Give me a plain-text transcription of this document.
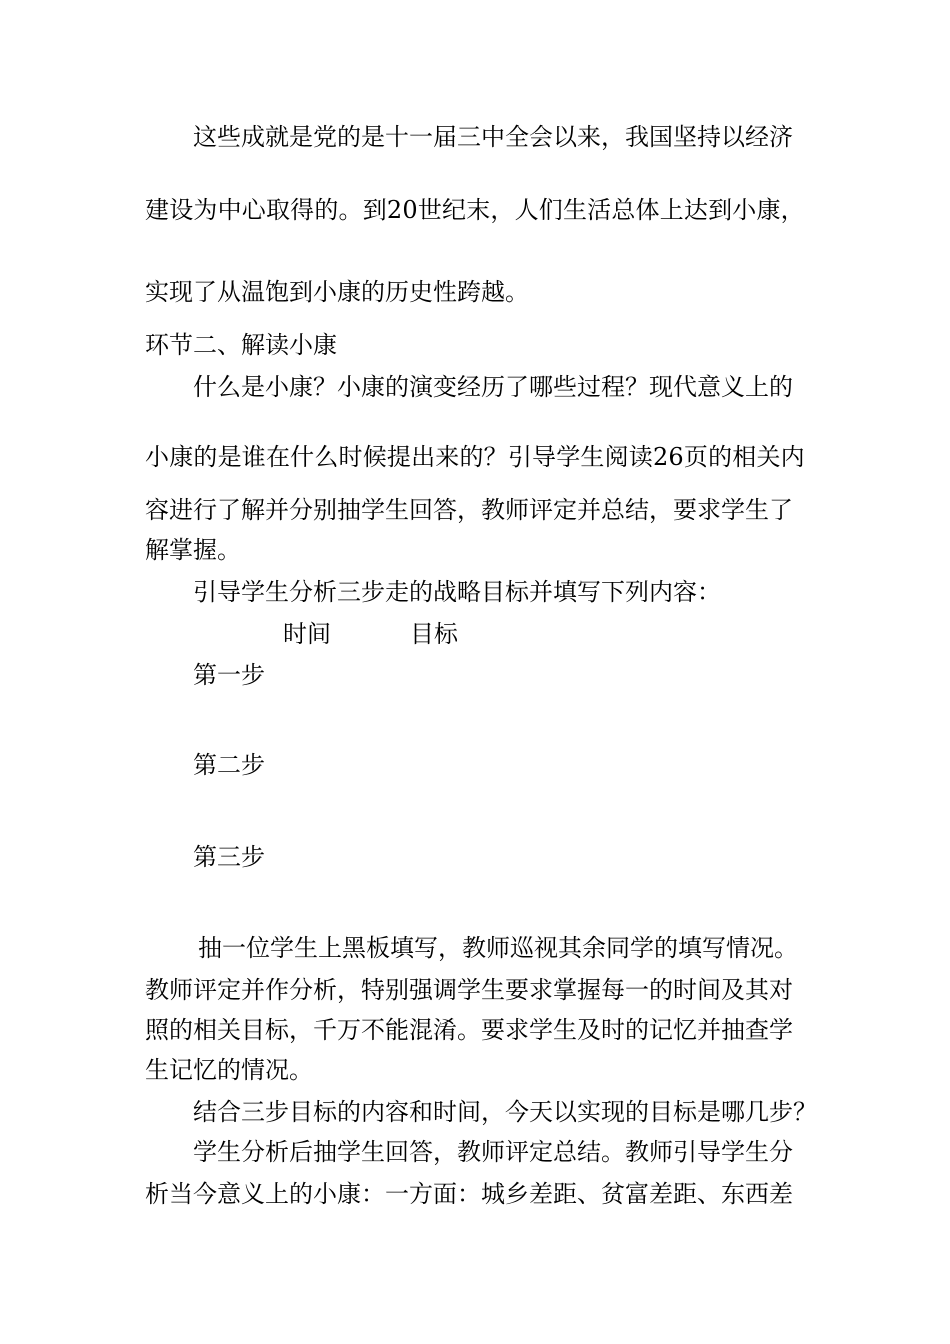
这些成就是党的是十一届三中全会以来，我国坚持以经济
建 设 为 中 心 取 得 的 。 到 2 0 世 纪 末 ， 人 们 生 活 总 体 上 达 到 小 康 ，
实现了从温饱到小康的历史性跨越。
环节二、解读小康
什么是小康？小康的演变经历了哪些过程？现代意义上的
小 康 的 是 谁 在 什 么 时 候 提 出 来 的 ？ 引 导 学 生 阅 读 2 6 页 的 相 关 内
容进行了解并分别抽学生回答，教师评定并总结，要求学生了
解掌握。
引导学生分析三步走的战略目标并填写下列内容：
时间	目标
第一步
第二步
第三步
抽一位学生上黑板填写，教师巡视其余同学的填写情况。
教师评定并作分析，特别强调学生要求掌握每一的时间及其对
照的相关目标，千万不能混淆。要求学生及时的记忆并抽查学
生记忆的情况。
结合三步目标的内容和时间，今天以实现的目标是哪几步？
学生分析后抽学生回答，教师评定总结。教师引导学生分
析当今意义上的小康：一方面：城乡差距、贫富差距、东西差
